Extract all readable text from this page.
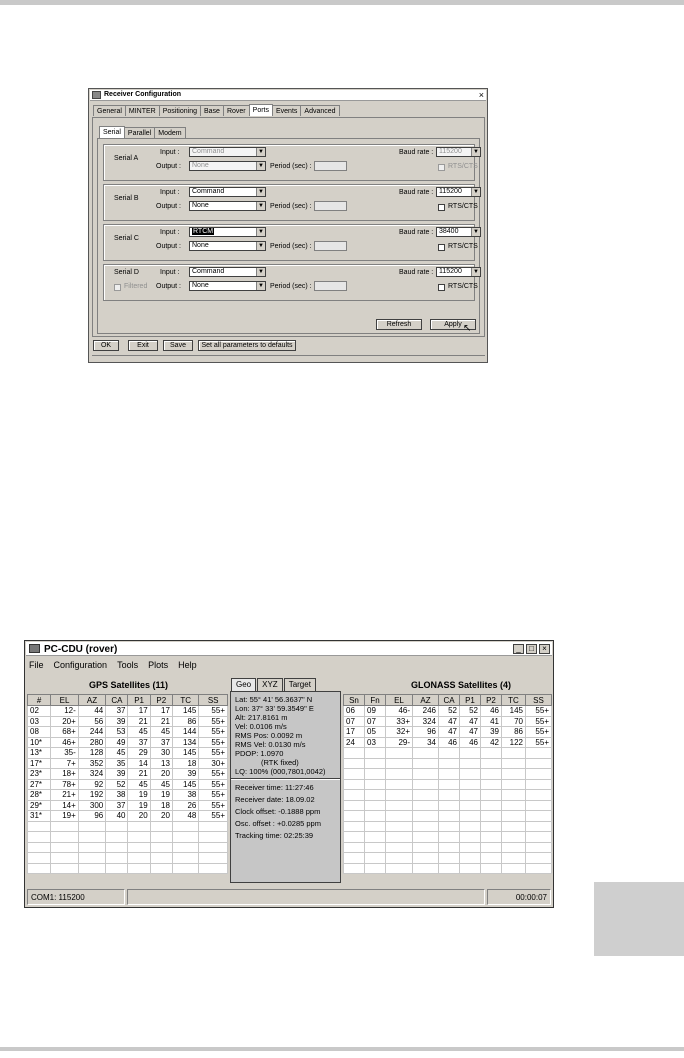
Receiver Configuration	×
General	MINTER	Positioning	Base	Rover	Ports	Events	Advanced
Serial	Parallel	Modem
Serial A
Input :	Command	▼
Output :	None	▼ Period (sec) :
Baud rate : 115200	▼
RTS/CTS
Serial B
Input :	Command	▼
Output :	None	▼ Period (sec) :
Baud rate : 115200	▼
RTS/CTS
Serial C
Input :	RTCM	▼
Output :	None	▼ Period (sec) :
Baud rate : 38400	▼
RTS/CTS
Serial D
Filtered
Input :	Command	▼
Output :	None	▼ Period (sec) :
Baud rate : 115200	▼
RTS/CTS
Refresh	Apply ↖
OK	Exit	Save	Set all parameters to defaults
PC-CDU (rover)	_	□	×
File Configuration Tools Plots Help
GPS Satellites (11)
#	EL	AZ	CA	P1	P2	TC	SS
02	12-	44	37	17	17	145	55+
03	20+	56	39	21	21	86	55+
08	68+	244	53	45	45	144	55+
10*	46+	280	49	37	37	134	55+
13*	35-	128	45	29	30	145	55+
17*	7+	352	35	14	13	18	30+
23*	18+	324	39	21	20	39	55+
27*	78+	92	52	45	45	145	55+
28*	21+	192	38	19	19	38	55+
29*	14+	300	37	19	18	26	55+
31*	19+	96	40	20	20	48	55+

Geo	XYZ	Target
Lat: 55° 41' 56.3637" N
Lon: 37° 33' 59.3549" E
Alt: 217.8161 m
Vel: 0.0106 m/s
RMS Pos: 0.0092 m
RMS Vel: 0.0130 m/s
PDOP: 1.0970
(RTK fixed)
LQ: 100% (000,7801,0042)
Receiver time: 11:27:46
Receiver date: 18.09.02
Clock offset: -0.1888 ppm
Osc. offset : +0.0285 ppm
Tracking time: 02:25:39
GLONASS Satellites (4)
Sn	Fn	EL	AZ	CA	P1	P2	TC	SS
06	09	46-	246	52	52	46	145	55+
07	07	33+	324	47	47	41	70	55+
17	05	32+	96	47	47	39	86	55+
24	03	29-	34	46	46	42	122	55+

COM1: 115200	00:00:07
